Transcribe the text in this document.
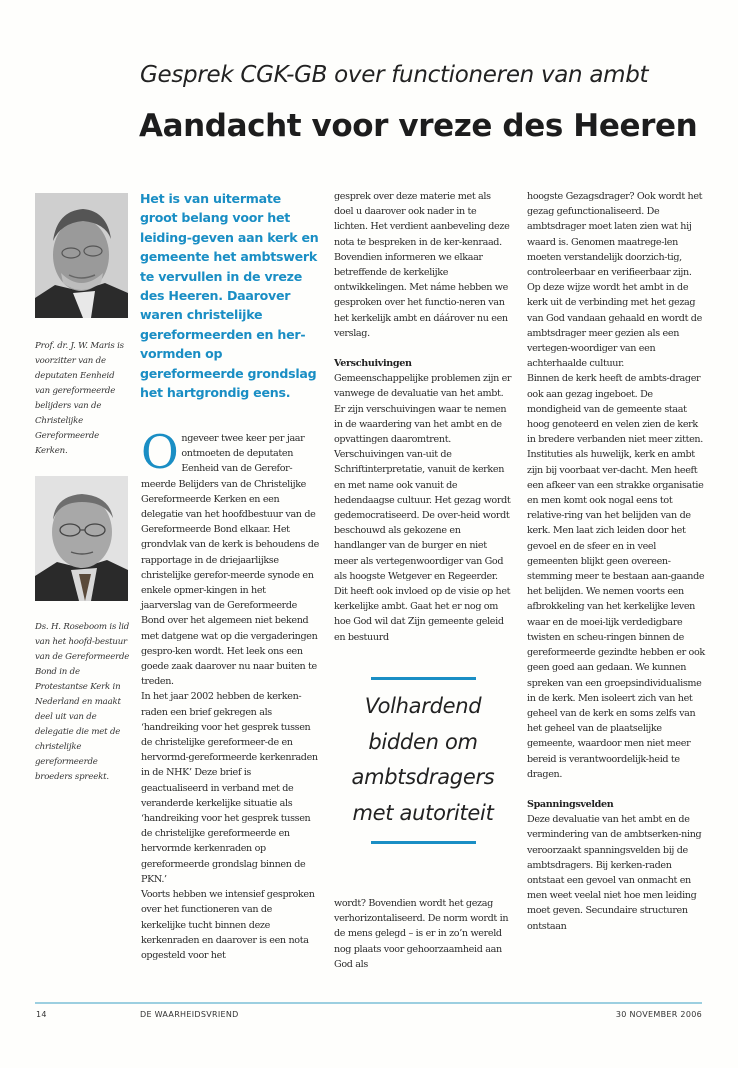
Gesprek CGK-GB over functioneren van ambt
Aandacht voor vreze des Heeren
Prof. dr. J. W. Maris is voorzitter van de deputaten Eenheid van gereformeerde belijders van de Christelijke Gereformeerde Kerken.
Ds. H. Roseboom is lid van het hoofd-bestuur van de Gereformeerde Bond in de Protestantse Kerk in Nederland en maakt deel uit van de delegatie die met de christelijke gereformeerde broeders spreekt.
Het is van uitermate groot belang voor het leiding-geven aan kerk en gemeente het ambtswerk te vervullen in de vreze des Heeren. Daarover waren christelijke gereformeerden en her-vormden op gereformeerde grondslag het hartgrondig eens.

Ongeveer twee keer per jaar ontmoeten de deputaten Eenheid van de Gerefor-meerde Belijders van de Christelijke Gereformeerde Kerken en een delegatie van het hoofdbestuur van de Gereformeerde Bond elkaar. Het grondvlak van de kerk is behoudens de rapportage in de driejaarlijkse christelijke gerefor-meerde synode en enkele opmer-kingen in het jaarverslag van de Gereformeerde Bond over het algemeen niet bekend met datgene wat op die vergaderingen gespro-ken wordt. Het leek ons een goede zaak daarover nu naar buiten te treden.

In het jaar 2002 hebben de kerken-raden een brief gekregen als ‘handreiking voor het gesprek tussen de christelijke gereformeer-de en hervormd-gereformeerde kerkenraden in de NHK’ Deze brief is geactualiseerd in verband met de veranderde kerkelijke situatie als ‘handreiking voor het gesprek tussen de christelijke gereformeerde en hervormde kerkenraden op gereformeerde grondslag binnen de PKN.’

Voorts hebben we intensief gesproken over het functioneren van de kerkelijke tucht binnen deze kerkenraden en daarover is een nota opgesteld voor het

gesprek over deze materie met als doel u daarover ook nader in te lichten. Het verdient aanbeveling deze nota te bespreken in de ker-kenraad. Bovendien informeren we elkaar betreffende de kerkelijke ontwikkelingen. Met náme hebben we gesproken over het functio-neren van het kerkelijk ambt en dáárover nu een verslag.

Verschuivingen

Gemeenschappelijke problemen zijn er vanwege de devaluatie van het ambt. Er zijn verschuivingen waar te nemen in de waardering van het ambt en de opvattingen daaromtrent. Verschuivingen van-uit de Schriftinterpretatie, vanuit de kerken en met name ook vanuit de hedendaagse cultuur. Het gezag wordt gedemocratiseerd. De over-heid wordt beschouwd als gekozene en handlanger van de burger en niet meer als vertegenwoordiger van God als hoogste Wetgever en Regeerder.

Dit heeft ook invloed op de visie op het kerkelijke ambt. Gaat het er nog om hoe God wil dat Zijn gemeente geleid en bestuurd

Volhardend
bidden om
ambtsdragers
met autoriteit

wordt? Bovendien wordt het gezag verhorizontaliseerd. De norm wordt in de mens gelegd – is er in zo’n wereld nog plaats voor gehoorzaamheid aan God als

hoogste Gezagsdrager? Ook wordt het gezag gefunctionaliseerd. De ambtsdrager moet laten zien wat hij waard is. Genomen maatrege-len moeten verstandelijk doorzich-tig, controleerbaar en verifieerbaar zijn. Op deze wijze wordt het ambt in de kerk uit de verbinding met het gezag van God vandaan gehaald en wordt de ambtsdrager meer gezien als een vertegen-woordiger van een achterhaalde cultuur.

Binnen de kerk heeft de ambts-drager ook aan gezag ingeboet. De mondigheid van de gemeente staat hoog genoteerd en velen zien de kerk in bredere verbanden niet meer zitten. Instituties als huwelijk, kerk en ambt zijn bij voorbaat ver-dacht. Men heeft een afkeer van een strakke organisatie en men komt ook nogal eens tot relative-ring van het belijden van de kerk. Men laat zich leiden door het gevoel en de sfeer en in veel gemeenten blijkt geen overeen-stemming meer te bestaan aan-gaande het belijden. We nemen voorts een afbrokkeling van het kerkelijke leven waar en de moei-lijk verdedigbare twisten en scheu-ringen binnen de gereformeerde gezindte hebben er ook geen goed aan gedaan. We kunnen spreken van een groepsindividualisme in de kerk. Men isoleert zich van het geheel van de kerk en soms zelfs van het geheel van de plaatselijke gemeente, waardoor men niet meer bereid is verantwoordelijk-heid te dragen.

Spanningsvelden

Deze devaluatie van het ambt en de vermindering van de ambtserken-ning veroorzaakt spanningsvelden bij de ambtsdragers. Bij kerken-raden ontstaat een gevoel van onmacht en men weet veelal niet hoe men leiding moet geven. Secundaire structuren ontstaan

14	DE WAARHEIDSVRIEND	30 NOVEMBER 2006
